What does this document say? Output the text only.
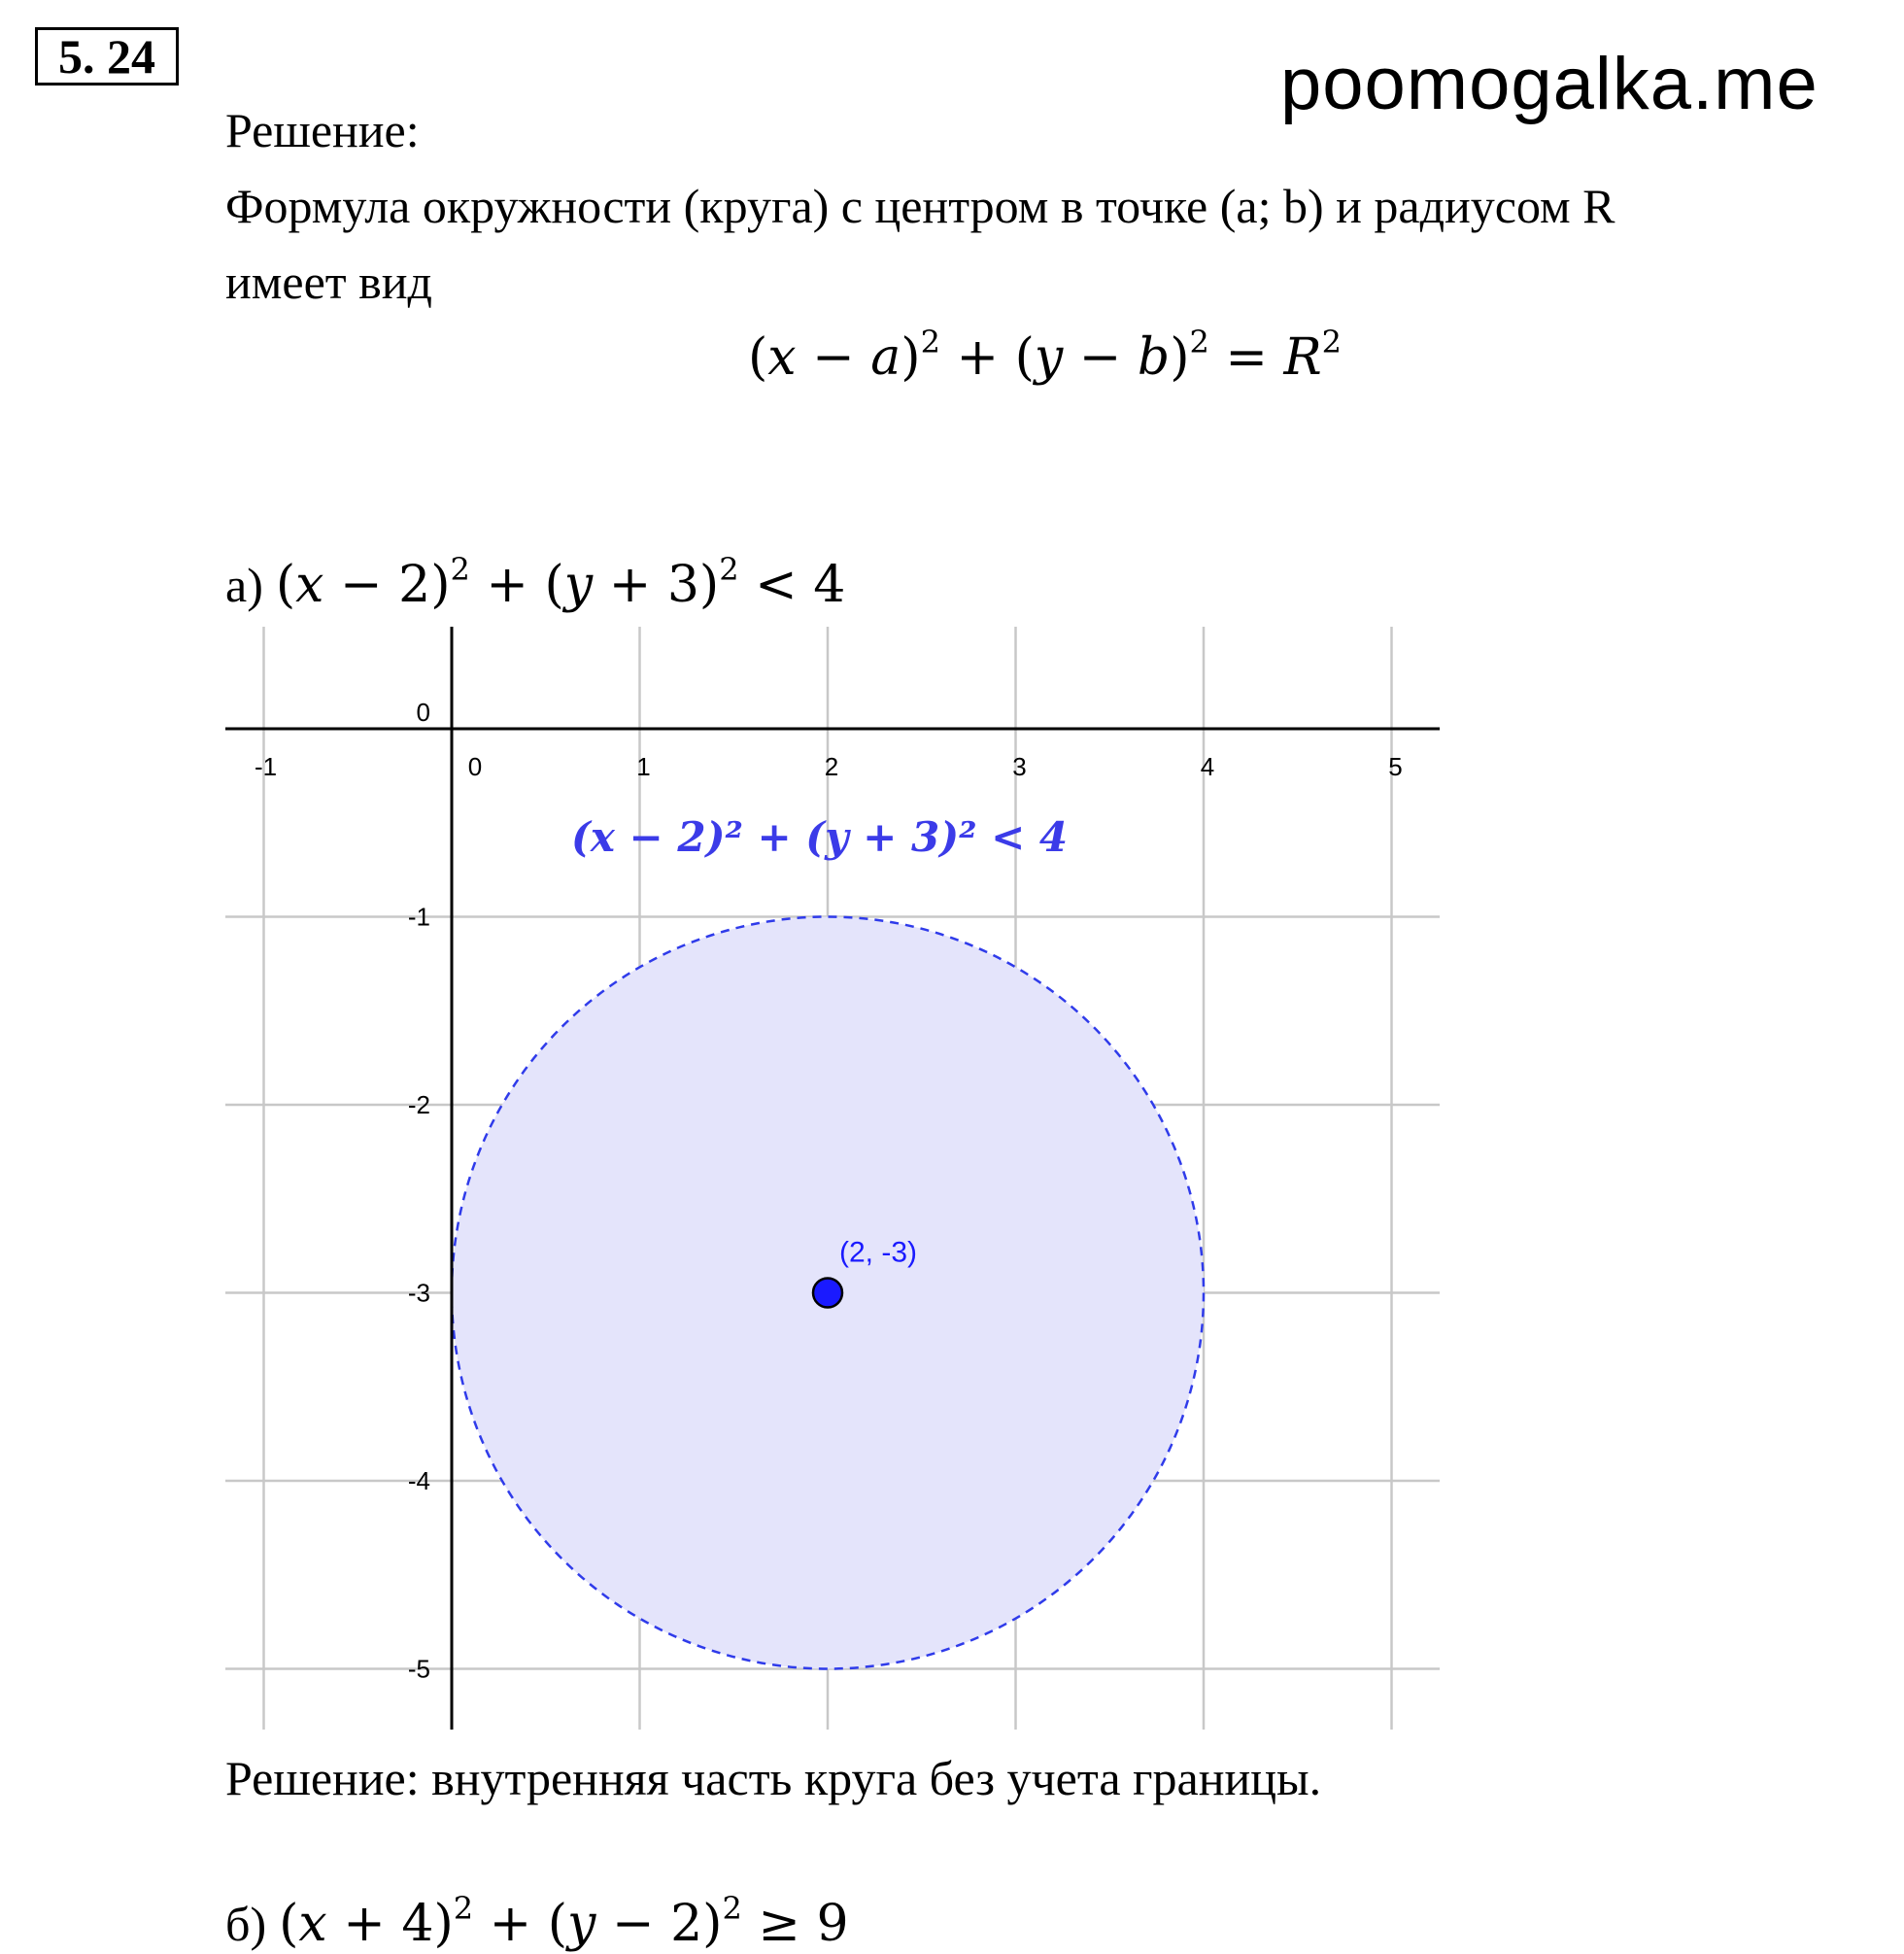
5. 24	poomogalka.me
Решение:
Формула окружности (круга) с центром в точке (a; b) и радиусом R
имеет вид
$(x - a)^2 + (y - b)^2 = R^2$
а) $(x - 2)^2 + (y + 3)^2 < 4$
-1	0	1	2	3	4	5
0
-1
-2
-3
-4
-5
(2, -3)
(x − 2)² + (y + 3)² < 4
Решение: внутренняя часть круга без учета границы.
б) $(x + 4)^2 + (y - 2)^2 \ge 9$
